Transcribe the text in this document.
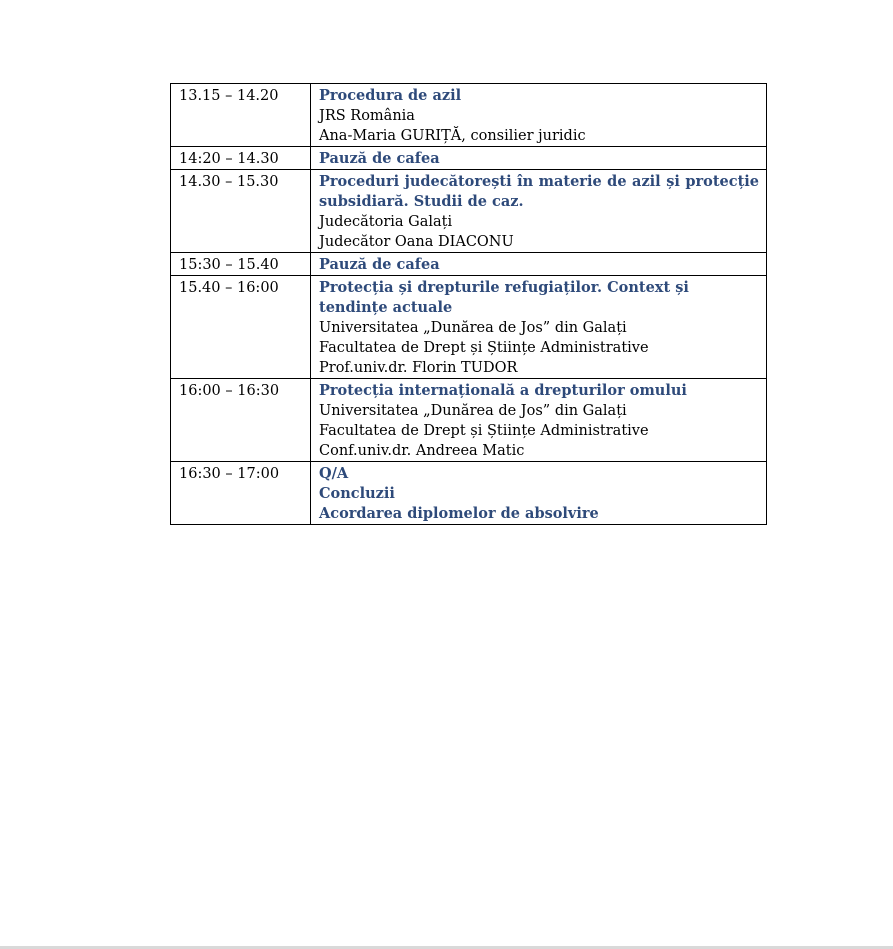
13.15 – 14.20	Procedura de azil
JRS România
Ana-Maria GURIȚĂ, consilier juridic

14:20 – 14.30	Pauză de cafea

14.30 – 15.30	Proceduri judecătorești în materie de azil și protecție subsidiară. Studii de caz.
Judecătoria Galați
Judecător Oana DIACONU

15:30 – 15.40	Pauză de cafea

15.40 – 16:00	Protecția și drepturile refugiaților. Context și tendințe actuale
Universitatea „Dunărea de Jos” din Galați
Facultatea de Drept și Științe Administrative
Prof.univ.dr. Florin TUDOR

16:00 – 16:30	Protecția internațională a drepturilor omului
Universitatea „Dunărea de Jos” din Galați
Facultatea de Drept și Științe Administrative
Conf.univ.dr. Andreea Matic

16:30 – 17:00	Q/A
Concluzii
Acordarea diplomelor de absolvire
